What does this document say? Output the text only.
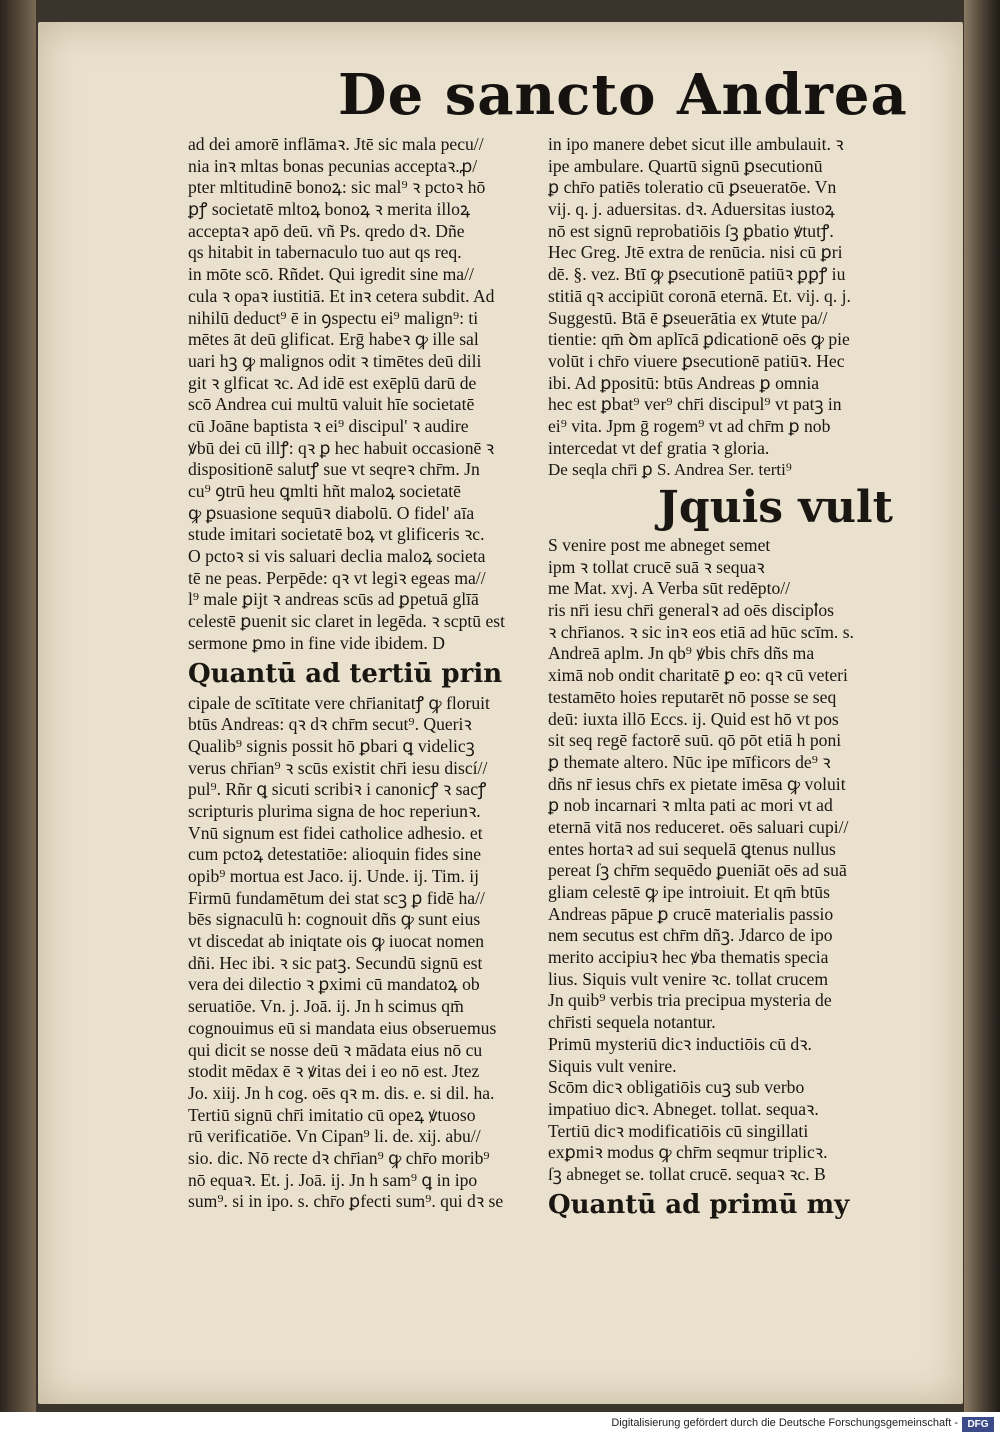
De sancto Andrea
ad dei amorē inflāmaꝛ. Jtē sic mala pecu//
nia inꝛ mltas bonas pecunias acceptaꝛ.ꝓ/
pter mltitudinē bonoꝝ: sic mal⁹ ꝛ pctoꝛ hō
ꝑꝭ societatē mltoꝝ bonoꝝ ꝛ merita illoꝝ
acceptaꝛ apō deū. vñ Ps. qredo dꝛ. Dñe
qs hitabit in tabernaculo tuo aut qs req.
in mōte scō. Rñdet. Qui igredit sine ma//
cula ꝛ opaꝛ iustitiā. Et inꝛ cetera subdit. Ad
nihilū deduct⁹ ē in ꝯspectu ei⁹ malign⁹: ti
mētes āt deū glificat. Erḡ habeꝛ ꝙ ille sal
uari hꝫ ꝙ malignos odit ꝛ timētes deū dili
git ꝛ glficat ꝛc. Ad idē est exēplū darū de
scō Andrea cui multū valuit hīe societatē
cū Joāne baptista ꝛ ei⁹ discipul' ꝛ audire
ꝟbū dei cū illꝭ: qꝛ ꝑ hec habuit occasionē ꝛ
dispositionē salutꝭ sue vt seqreꝛ chr̄m. Jn
cu⁹ ꝯtrū heu ꝗmlti hñt maloꝝ societatē
ꝙ ꝑsuasione sequūꝛ diabolū. O fidel' aīa
stude imitari societatē boꝝ vt glificeris ꝛc.
O pctoꝛ si vis saluari declia maloꝝ societa
tē ne peas. Perpēde: qꝛ vt legiꝛ egeas ma//
l⁹ male ꝑijt ꝛ andreas scūs ad ꝑpetuā glīā
celestē ꝑuenit sic claret in legēda. ꝛ scptū est
sermone ꝑmo in fine vide ibidem. D
Quantū ad tertiū prin
cipale de scītitate vere chr̄ianitatꝭ ꝙ floruit
btūs Andreas: qꝛ dꝛ chr̄m secut⁹. Queriꝛ
Qualib⁹ signis possit hō ꝑbari ꝗ videlicꝫ
verus chr̄ian⁹ ꝛ scūs existit chr̄i iesu discí//
pul⁹. Rñr ꝗ sicuti scribiꝛ i canonicꝭ ꝛ sacꝭ
scripturis plurima signa de hoc reperiunꝛ.
Vnū signum est fidei catholice adhesio. et
cum pctoꝝ detestatiōe: alioquin fides sine
opib⁹ mortua est Jaco. ij. Unde. ij. Tim. ij
Firmū fundamētum dei stat scꝫ ꝑ fidē ha//
bēs signaculū h: cognouit dñs ꝙ sunt eius
vt discedat ab iniqtate ois ꝙ iuocat nomen
dñi. Hec ibi. ꝛ sic patꝫ. Secundū signū est
vera dei dilectio ꝛ ꝑximi cū mandatoꝝ ob
seruatiōe. Vn. j. Joā. ij. Jn h scimus qm̄
cognouimus eū si mandata eius obseruemus
qui dicit se nosse deū ꝛ mādata eius nō cu
stodit mēdax ē ꝛ ꝟitas dei i eo nō est. Jtez
Jo. xiij. Jn h cog. oēs qꝛ m. dis. e. si dil. ha.
Tertiū signū chr̄i imitatio cū opeꝝ ꝟtuoso
rū verificatiōe. Vn Cipan⁹ li. de. xij. abu//
sio. dic. Nō recte dꝛ chr̄ian⁹ ꝙ chr̄o morib⁹
nō equaꝛ. Et. j. Joā. ij. Jn h sam⁹ ꝗ in ipo
sum⁹. si in ipo. s. chr̄o ꝑfecti sum⁹. qui dꝛ se
in ipo manere debet sicut ille ambulauit. ꝛ
ipe ambulare. Quartū signū ꝑsecutionū
ꝑ chr̄o patiēs toleratio cū ꝑseueratōe. Vn
vij. q. j. aduersitas. dꝛ. Aduersitas iustoꝝ
nō est signū reprobatiōis ſꝫ ꝑbatio ꝟtutꝭ.
Hec Greg. Jtē extra de renūcia. nisi cū ꝑri
dē. §. vez. Btī ꝙ ꝑsecutionē patiūꝛ ꝑꝑꝭ iu
stitiā qꝛ accipiūt coronā eternā. Et. vij. q. j.
Suggestū. Btā ē ꝑseuerātia ex ꝟtute pa//
tientie: qm̄ ꝺm aplīcā ꝑdicationē oēs ꝙ pie
volūt i chr̄o viuere ꝑsecutionē patiūꝛ. Hec
ibi. Ad ꝑpositū: btūs Andreas ꝑ omnia
hec est ꝑbat⁹ ver⁹ chr̄i discipul⁹ vt patꝫ in
ei⁹ vita. Jpm ḡ rogem⁹ vt ad chr̄m ꝑ nob
intercedat vt def gratia ꝛ gloria.
De seqla chr̄i ꝑ S. Andrea Ser. terti⁹
Jquis vult
S venire post me abneget semet
ipm ꝛ tollat crucē suā ꝛ sequaꝛ
me Mat. xvj. A Verba sūt redēpto//
ris nr̄i iesu chr̄i generalꝛ ad oēs discipꝉos
ꝛ chr̄ianos. ꝛ sic inꝛ eos etiā ad hūc scīm. s.
Andreā aplm. Jn qb⁹ ꝟbis chr̄s dñs ma
ximā nob ondit charitatē ꝑ eo: qꝛ cū veteri
testamēto hoies reputarēt nō posse se seq
deū: iuxta illō Eccs. ij. Quid est hō vt pos
sit seq regē factorē suū. qō pōt etiā h poni
ꝑ themate altero. Nūc ipe mīficors de⁹ ꝛ
dñs nr̄ iesus chr̄s ex pietate imēsa ꝙ voluit
ꝑ nob incarnari ꝛ mlta pati ac mori vt ad
eternā vitā nos reduceret. oēs saluari cupi//
entes hortaꝛ ad sui sequelā ꝗtenus nullus
pereat ſꝫ chr̄m sequēdo ꝑueniāt oēs ad suā
gliam celestē ꝙ ipe introiuit. Et qm̄ btūs
Andreas pāpue ꝑ crucē materialis passio
nem secutus est chr̄m dñꝫ. Jdarco de ipo
merito accipiuꝛ hec ꝟba thematis specia
lius. Siquis vult venire ꝛc. tollat crucem
Jn quib⁹ verbis tria precipua mysteria de
chr̄isti sequela notantur.
Primū mysteriū dicꝛ inductiōis cū dꝛ.
Siquis vult venire.
Scōm dicꝛ obligatiōis cuꝫ sub verbo
impatiuo dicꝛ. Abneget. tollat. sequaꝛ.
Tertiū dicꝛ modificatiōis cū singillati
exꝑmiꝛ modus ꝙ chr̄m seqmur triplicꝛ.
ſꝫ abneget se. tollat crucē. sequaꝛ ꝛc. B
Quantū ad primū my
Digitalisierung gefördert durch die Deutsche Forschungsgemeinschaft - DFG
